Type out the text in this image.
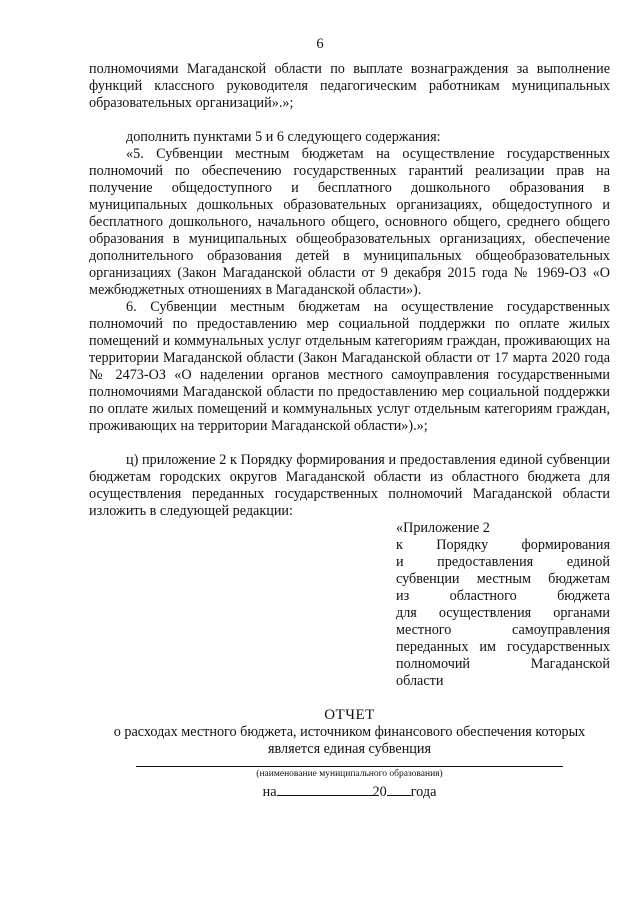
6

полномочиями Магаданской области по выплате вознаграждения за выполнение функций классного руководителя педагогическим работникам муниципальных образовательных организаций».»;

дополнить пунктами 5 и 6 следующего содержания:

«5. Субвенции местным бюджетам на осуществление государственных полномочий по обеспечению государственных гарантий реализации прав на получение общедоступного и бесплатного дошкольного образования в муниципальных дошкольных образовательных организациях, общедоступного и бесплатного дошкольного, начального общего, основного общего, среднего общего образования в муниципальных общеобразовательных организациях, обеспечение дополнительного образования детей в муниципальных общеобразовательных организациях (Закон Магаданской области от 9 декабря 2015 года № 1969-ОЗ «О межбюджетных отношениях в Магаданской области»).

6. Субвенции местным бюджетам на осуществление государственных полномочий по предоставлению мер социальной поддержки по оплате жилых помещений и коммунальных услуг отдельным категориям граждан, проживающих на территории Магаданской области (Закон Магаданской области от 17 марта 2020 года № 2473-ОЗ «О наделении органов местного самоуправления государственными полномочиями Магаданской области по предоставлению мер социальной поддержки по оплате жилых помещений и коммунальных услуг отдельным категориям граждан, проживающих на территории Магаданской области»).»;

ц) приложение 2 к Порядку формирования и предоставления единой субвенции бюджетам городских округов Магаданской области из областного бюджета для осуществления переданных государственных полномочий Магаданской области изложить в следующей редакции:

«Приложение 2

к Порядку формирования

и предоставления единой

субвенции местным бюджетам

из областного бюджета

для осуществления органами

местного самоуправления

переданных им государственных

полномочий Магаданской

области

ОТЧЕТ

о расходах местного бюджета, источником финансового обеспечения которых

является единая субвенция

(наименование муниципального образования)
на	20 года
